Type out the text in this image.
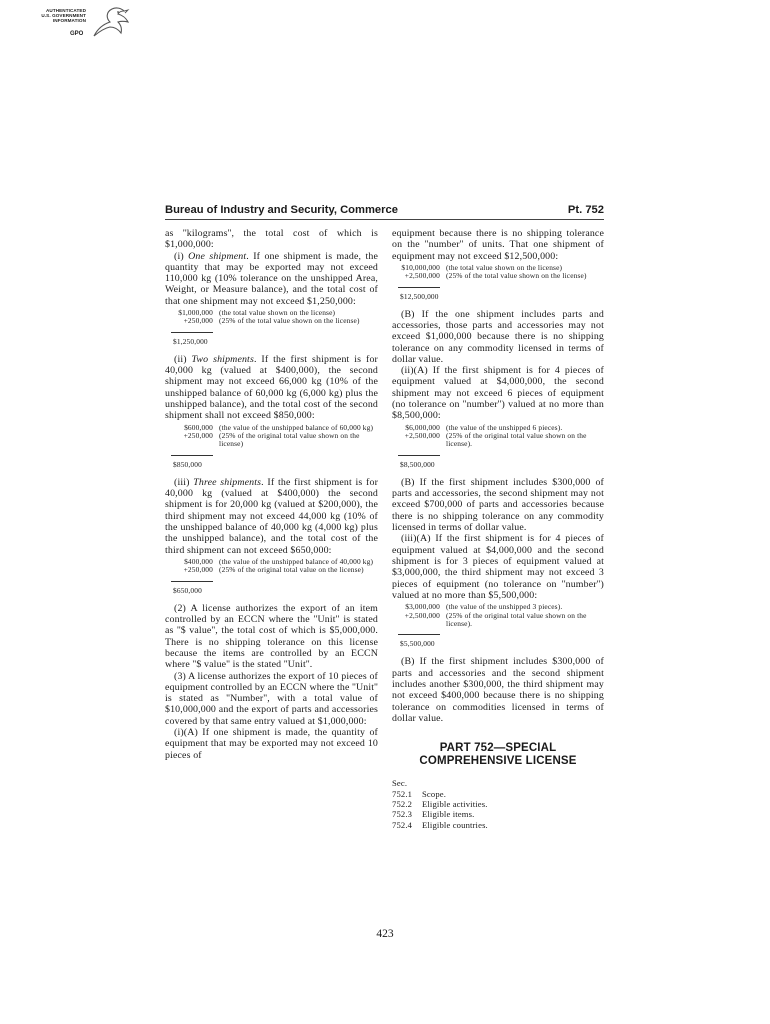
AUTHENTICATED
U.S. GOVERNMENT
INFORMATION
GPO
Bureau of Industry and Security, Commerce	Pt. 752

as ''kilograms'', the total cost of which is $1,000,000:

(i) One shipment. If one shipment is made, the quantity that may be exported may not exceed 110,000 kg (10% tolerance on the unshipped Area, Weight, or Measure balance), and the total cost of that one shipment may not exceed $1,250,000:

$1,000,000 (the total value shown on the license)
+250,000 (25% of the total value shown on the license)
$1,250,000

(ii) Two shipments. If the first shipment is for 40,000 kg (valued at $400,000), the second shipment may not exceed 66,000 kg (10% of the unshipped balance of 60,000 kg (6,000 kg) plus the unshipped balance), and the total cost of the second shipment shall not exceed $850,000:

$600,000 (the value of the unshipped balance of 60,000 kg)
+250,000 (25% of the original total value shown on the license)
$850,000

(iii) Three shipments. If the first shipment is for 40,000 kg (valued at $400,000) the second shipment is for 20,000 kg (valued at $200,000), the third shipment may not exceed 44,000 kg (10% of the unshipped balance of 40,000 kg (4,000 kg) plus the unshipped balance), and the total cost of the third shipment can not exceed $650,000:

$400,000 (the value of the unshipped balance of 40,000 kg)
+250,000 (25% of the original total value on the license)
$650,000

(2) A license authorizes the export of an item controlled by an ECCN where the ''Unit'' is stated as ''$ value'', the total cost of which is $5,000,000. There is no shipping tolerance on this license because the items are controlled by an ECCN where ''$ value'' is the stated ''Unit''.

(3) A license authorizes the export of 10 pieces of equipment controlled by an ECCN where the ''Unit'' is stated as ''Number'', with a total value of $10,000,000 and the export of parts and accessories covered by that same entry valued at $1,000,000:

(i)(A) If one shipment is made, the quantity of equipment that may be exported may not exceed 10 pieces of

equipment because there is no shipping tolerance on the ''number'' of units. That one shipment of equipment may not exceed $12,500,000:

$10,000,000 (the total value shown on the license)
+2,500,000 (25% of the total value shown on the license)
$12,500,000

(B) If the one shipment includes parts and accessories, those parts and accessories may not exceed $1,000,000 because there is no shipping tolerance on any commodity licensed in terms of dollar value.

(ii)(A) If the first shipment is for 4 pieces of equipment valued at $4,000,000, the second shipment may not exceed 6 pieces of equipment (no tolerance on ''number'') valued at no more than $8,500,000:

$6,000,000 (the value of the unshipped 6 pieces).
+2,500,000 (25% of the original total value shown on the license).
$8,500,000

(B) If the first shipment includes $300,000 of parts and accessories, the second shipment may not exceed $700,000 of parts and accessories because there is no shipping tolerance on any commodity licensed in terms of dollar value.

(iii)(A) If the first shipment is for 4 pieces of equipment valued at $4,000,000 and the second shipment is for 3 pieces of equipment valued at $3,000,000, the third shipment may not exceed 3 pieces of equipment (no tolerance on ''number'') valued at no more than $5,500,000:

$3,000,000 (the value of the unshipped 3 pieces).
+2,500,000 (25% of the original total value shown on the license).
$5,500,000

(B) If the first shipment includes $300,000 of parts and accessories and the second shipment includes another $300,000, the third shipment may not exceed $400,000 because there is no shipping tolerance on commodities licensed in terms of dollar value.

PART 752—SPECIAL
COMPREHENSIVE LICENSE
Sec.
752.1	Scope.
752.2	Eligible activities.
752.3	Eligible items.
752.4	Eligible countries.
423
